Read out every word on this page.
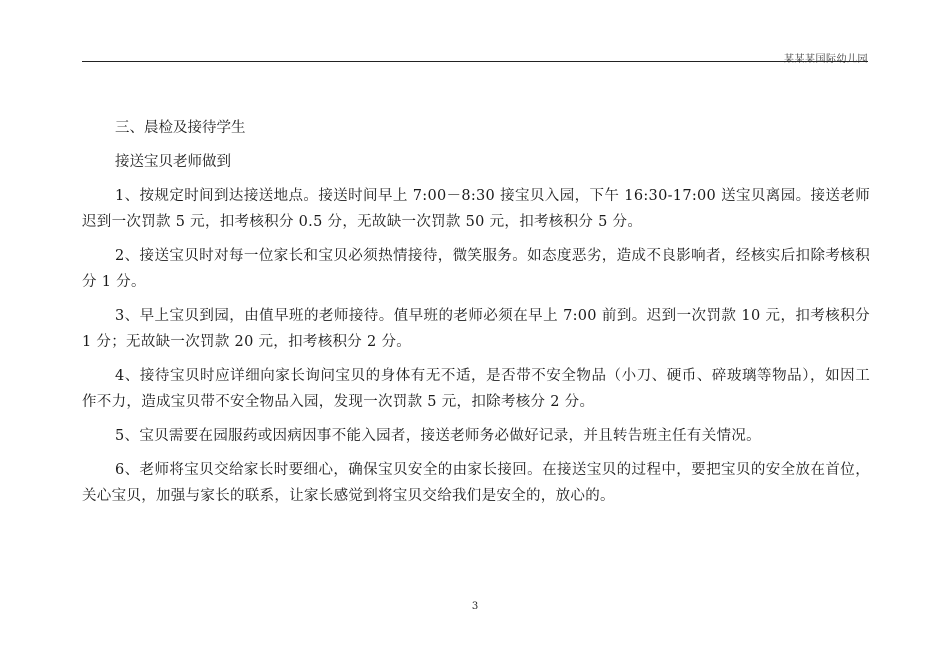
某某某国际幼儿园

三、晨检及接待学生

接送宝贝老师做到

1、按规定时间到达接送地点。接送时间早上 7:00－8:30 接宝贝入园，下午 16:30-17:00 送宝贝离园。接送老师迟到一次罚款 5 元，扣考核积分 0.5 分，无故缺一次罚款 50 元，扣考核积分 5 分。

2、接送宝贝时对每一位家长和宝贝必须热情接待，微笑服务。如态度恶劣，造成不良影响者，经核实后扣除考核积分 1 分。

3、早上宝贝到园，由值早班的老师接待。值早班的老师必须在早上 7:00 前到。迟到一次罚款 10 元，扣考核积分 1 分；无故缺一次罚款 20 元，扣考核积分 2 分。

4、接待宝贝时应详细向家长询问宝贝的身体有无不适，是否带不安全物品（小刀、硬币、碎玻璃等物品），如因工作不力，造成宝贝带不安全物品入园，发现一次罚款 5 元，扣除考核分 2 分。

5、宝贝需要在园服药或因病因事不能入园者，接送老师务必做好记录，并且转告班主任有关情况。

6、老师将宝贝交给家长时要细心，确保宝贝安全的由家长接回。在接送宝贝的过程中，要把宝贝的安全放在首位，关心宝贝，加强与家长的联系，让家长感觉到将宝贝交给我们是安全的，放心的。

3
